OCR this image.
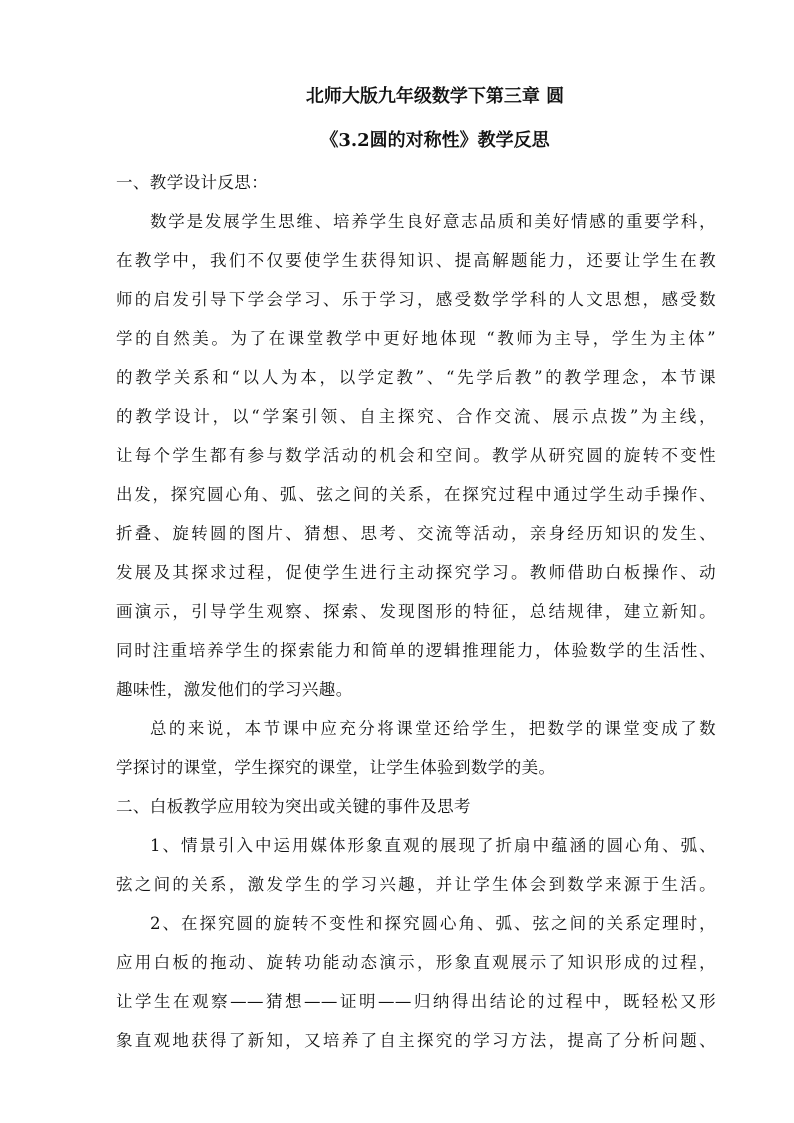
北师大版九年级数学下第三章 圆
《3.2圆的对称性》教学反思
一、教学设计反思：
数学是发展学生思维、培养学生良好意志品质和美好情感的重要学科，
在教学中，我们不仅要使学生获得知识、提高解题能力，还要让学生在教
师的启发引导下学会学习、乐于学习，感受数学学科的人文思想，感受数
学的自然美。为了在课堂教学中更好地体现 “教师为主导，学生为主体”
的教学关系和“以人为本，以学定教”、“先学后教”的教学理念，本节课
的教学设计，以“学案引领、自主探究、合作交流、展示点拨”为主线，
让每个学生都有参与数学活动的机会和空间。教学从研究圆的旋转不变性
出发，探究圆心角、弧、弦之间的关系，在探究过程中通过学生动手操作、
折叠、旋转圆的图片、猜想、思考、交流等活动，亲身经历知识的发生、
发展及其探求过程，促使学生进行主动探究学习。教师借助白板操作、动
画演示，引导学生观察、探索、发现图形的特征，总结规律，建立新知。
同时注重培养学生的探索能力和简单的逻辑推理能力，体验数学的生活性、
趣味性，激发他们的学习兴趣。
总的来说，本节课中应充分将课堂还给学生，把数学的课堂变成了数
学探讨的课堂，学生探究的课堂，让学生体验到数学的美。
二、白板教学应用较为突出或关键的事件及思考
1、情景引入中运用媒体形象直观的展现了折扇中蕴涵的圆心角、弧、
弦之间的关系，激发学生的学习兴趣，并让学生体会到数学来源于生活。
2、在探究圆的旋转不变性和探究圆心角、弧、弦之间的关系定理时，
应用白板的拖动、旋转功能动态演示，形象直观展示了知识形成的过程，
让学生在观察——猜想——证明——归纳得出结论的过程中，既轻松又形
象直观地获得了新知，又培养了自主探究的学习方法，提高了分析问题、
